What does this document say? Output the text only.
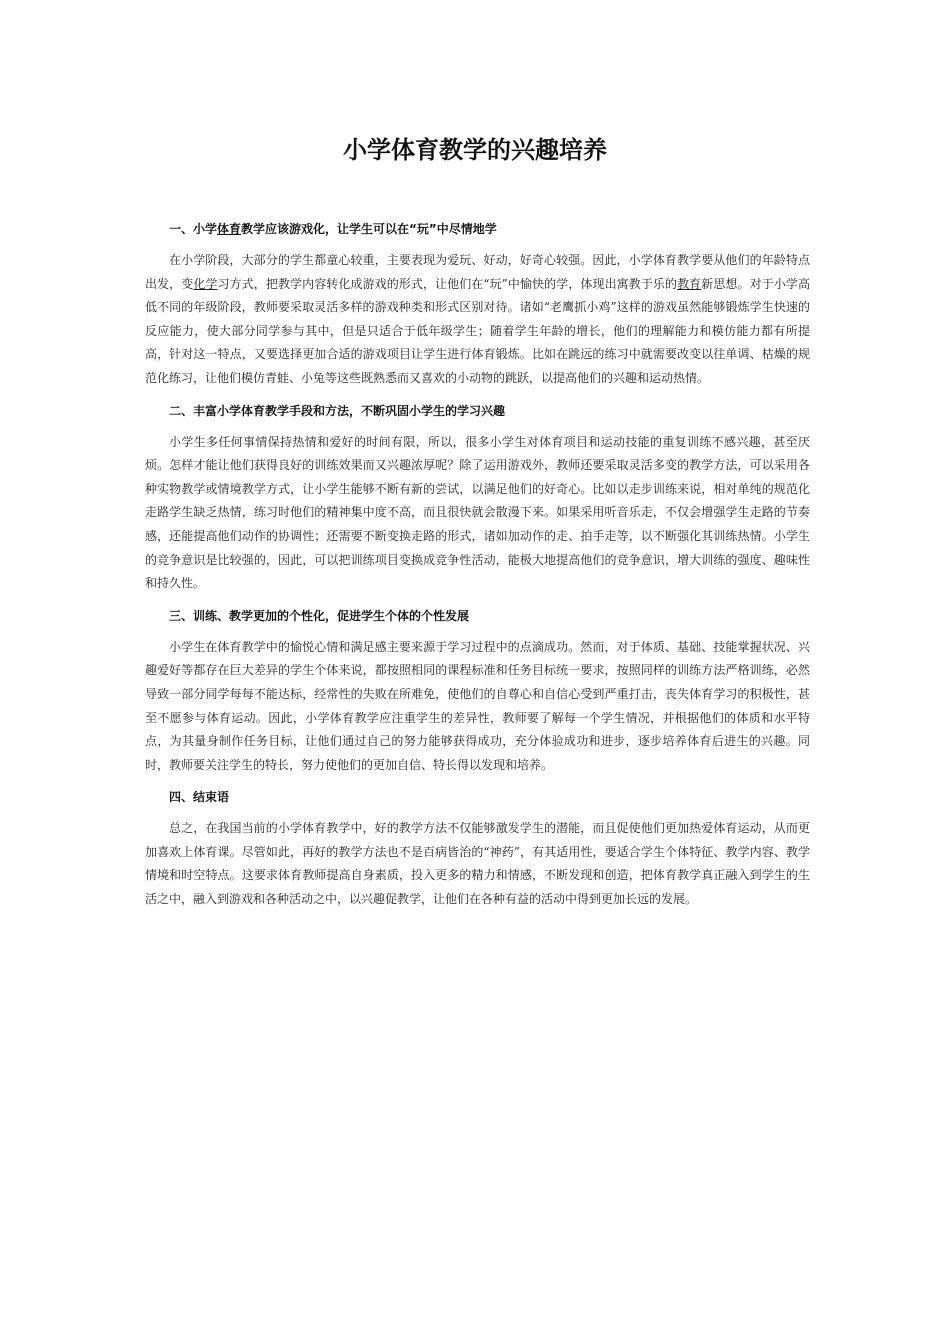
小学体育教学的兴趣培养
一、小学体育教学应该游戏化，让学生可以在“玩”中尽情地学

在小学阶段，大部分的学生都童心较重，主要表现为爱玩、好动，好奇心较强。因此，小学体育教学要从他们的年龄特点出发，变化学习方式，把教学内容转化成游戏的形式，让他们在“玩”中愉快的学，体现出寓教于乐的教育新思想。对于小学高低不同的年级阶段，教师要采取灵活多样的游戏种类和形式区别对待。诸如“老鹰抓小鸡”这样的游戏虽然能够锻炼学生快速的反应能力，使大部分同学参与其中，但是只适合于低年级学生；随着学生年龄的增长，他们的理解能力和模仿能力都有所提高，针对这一特点，又要选择更加合适的游戏项目让学生进行体育锻炼。比如在跳远的练习中就需要改变以往单调、枯燥的规范化练习，让他们模仿青蛙、小兔等这些既熟悉而又喜欢的小动物的跳跃，以提高他们的兴趣和运动热情。

二、丰富小学体育教学手段和方法，不断巩固小学生的学习兴趣

小学生多任何事情保持热情和爱好的时间有限，所以，很多小学生对体育项目和运动技能的重复训练不感兴趣，甚至厌烦。怎样才能让他们获得良好的训练效果而又兴趣浓厚呢？除了运用游戏外，教师还要采取灵活多变的教学方法，可以采用各种实物教学或情境教学方式，让小学生能够不断有新的尝试，以满足他们的好奇心。比如以走步训练来说，相对单纯的规范化走路学生缺乏热情，练习时他们的精神集中度不高，而且很快就会散漫下来。如果采用听音乐走，不仅会增强学生走路的节奏感，还能提高他们动作的协调性；还需要不断变换走路的形式，诸如加动作的走、拍手走等，以不断强化其训练热情。小学生的竞争意识是比较强的，因此，可以把训练项目变换成竞争性活动，能极大地提高他们的竞争意识，增大训练的强度、趣味性和持久性。

三、训练、教学更加的个性化，促进学生个体的个性发展

小学生在体育教学中的愉悦心情和满足感主要来源于学习过程中的点滴成功。然而，对于体质、基础、技能掌握状况、兴趣爱好等都存在巨大差异的学生个体来说，都按照相同的课程标准和任务目标统一要求，按照同样的训练方法严格训练，必然导致一部分同学每每不能达标，经常性的失败在所难免，使他们的自尊心和自信心受到严重打击，丧失体育学习的积极性，甚至不愿参与体育运动。因此，小学体育教学应注重学生的差异性，教师要了解每一个学生情况，并根据他们的体质和水平特点，为其量身制作任务目标，让他们通过自己的努力能够获得成功，充分体验成功和进步，逐步培养体育后进生的兴趣。同时，教师要关注学生的特长，努力使他们的更加自信、特长得以发现和培养。

四、结束语

总之，在我国当前的小学体育教学中，好的教学方法不仅能够激发学生的潜能，而且促使他们更加热爱体育运动，从而更加喜欢上体育课。尽管如此，再好的教学方法也不是百病皆治的“神药”，有其适用性，要适合学生个体特征、教学内容、教学情境和时空特点。这要求体育教师提高自身素质，投入更多的精力和情感，不断发现和创造，把体育教学真正融入到学生的生活之中，融入到游戏和各种活动之中，以兴趣促教学，让他们在各种有益的活动中得到更加长远的发展。
